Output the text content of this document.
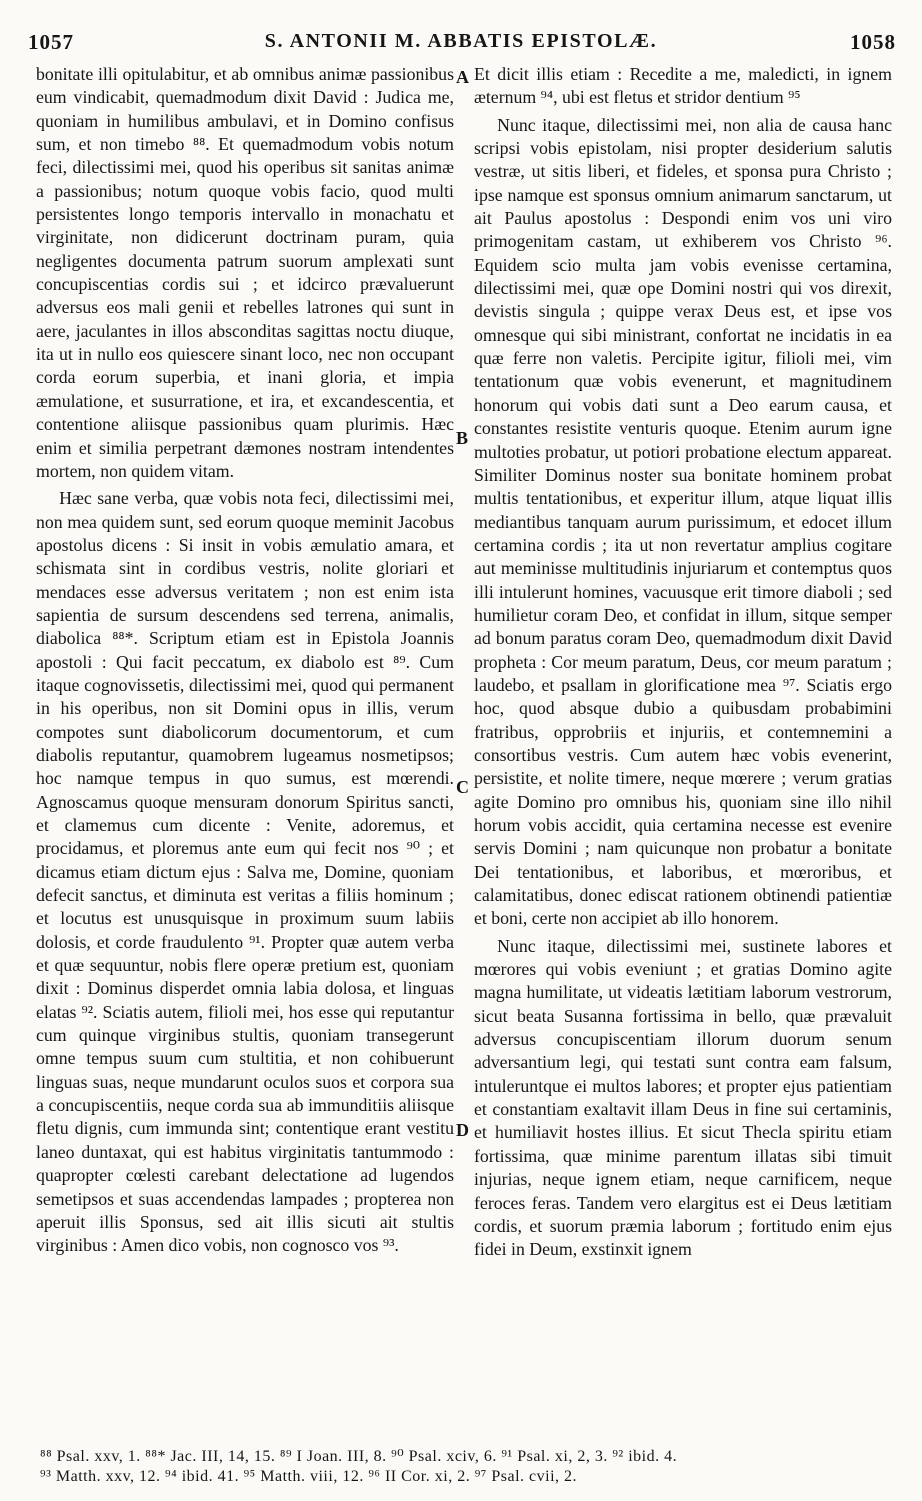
1057	S. ANTONII M. ABBATIS EPISTOLÆ.	1058

bonitate illi opitulabitur, et ab omnibus animæ passionibus eum vindicabit, quemadmodum dixit David : Judica me, quoniam in humilibus ambulavi, et in Domino confisus sum, et non timebo ⁸⁸. Et quemadmodum vobis notum feci, dilectissimi mei, quod his operibus sit sanitas animæ a passionibus; notum quoque vobis facio, quod multi persistentes longo temporis intervallo in monachatu et virginitate, non didicerunt doctrinam puram, quia negligentes documenta patrum suorum amplexati sunt concupiscentias cordis sui ; et idcirco prævaluerunt adversus eos mali genii et rebelles latrones qui sunt in aere, jaculantes in illos absconditas sagittas noctu diuque, ita ut in nullo eos quiescere sinant loco, nec non occupant corda eorum superbia, et inani gloria, et impia æmulatione, et susurratione, et ira, et excandescentia, et contentione aliisque passionibus quam plurimis. Hæc enim et similia perpetrant dæmones nostram intendentes mortem, non quidem vitam.

Hæc sane verba, quæ vobis nota feci, dilectissimi mei, non mea quidem sunt, sed eorum quoque meminit Jacobus apostolus dicens : Si insit in vobis æmulatio amara, et schismata sint in cordibus vestris, nolite gloriari et mendaces esse adversus veritatem ; non est enim ista sapientia de sursum descendens sed terrena, animalis, diabolica ⁸⁸*. Scriptum etiam est in Epistola Joannis apostoli : Qui facit peccatum, ex diabolo est ⁸⁹. Cum itaque cognovissetis, dilectissimi mei, quod qui permanent in his operibus, non sit Domini opus in illis, verum compotes sunt diabolicorum documentorum, et cum diabolis reputantur, quamobrem lugeamus nosmetipsos; hoc namque tempus in quo sumus, est mœrendi. Agnoscamus quoque mensuram donorum Spiritus sancti, et clamemus cum dicente : Venite, adoremus, et procidamus, et ploremus ante eum qui fecit nos ⁹⁰ ; et dicamus etiam dictum ejus : Salva me, Domine, quoniam defecit sanctus, et diminuta est veritas a filiis hominum ; et locutus est unusquisque in proximum suum labiis dolosis, et corde fraudulento ⁹¹. Propter quæ autem verba et quæ sequuntur, nobis flere operæ pretium est, quoniam dixit : Dominus disperdet omnia labia dolosa, et linguas elatas ⁹². Sciatis autem, filioli mei, hos esse qui reputantur cum quinque virginibus stultis, quoniam transegerunt omne tempus suum cum stultitia, et non cohibuerunt linguas suas, neque mundarunt oculos suos et corpora sua a concupiscentiis, neque corda sua ab immunditiis aliisque fletu dignis, cum immunda sint; contentique erant vestitu laneo duntaxat, qui est habitus virginitatis tantummodo : quapropter cœlesti carebant delectatione ad lugendos semetipsos et suas accendendas lampades ; propterea non aperuit illis Sponsus, sed ait illis sicuti ait stultis virginibus : Amen dico vobis, non cognosco vos ⁹³.

Et dicit illis etiam : Recedite a me, maledicti, in ignem æternum ⁹⁴, ubi est fletus et stridor dentium ⁹⁵

Nunc itaque, dilectissimi mei, non alia de causa hanc scripsi vobis epistolam, nisi propter desiderium salutis vestræ, ut sitis liberi, et fideles, et sponsa pura Christo ; ipse namque est sponsus omnium animarum sanctarum, ut ait Paulus apostolus : Despondi enim vos uni viro primogenitam castam, ut exhiberem vos Christo ⁹⁶. Equidem scio multa jam vobis evenisse certamina, dilectissimi mei, quæ ope Domini nostri qui vos direxit, devistis singula ; quippe verax Deus est, et ipse vos omnesque qui sibi ministrant, confortat ne incidatis in ea quæ ferre non valetis. Percipite igitur, filioli mei, vim tentationum quæ vobis evenerunt, et magnitudinem honorum qui vobis dati sunt a Deo earum causa, et constantes resistite venturis quoque. Etenim aurum igne multoties probatur, ut potiori probatione electum appareat. Similiter Dominus noster sua bonitate hominem probat multis tentationibus, et experitur illum, atque liquat illis mediantibus tanquam aurum purissimum, et edocet illum certamina cordis ; ita ut non revertatur amplius cogitare aut meminisse multitudinis injuriarum et contemptus quos illi intulerunt homines, vacuusque erit timore diaboli ; sed humilietur coram Deo, et confidat in illum, sitque semper ad bonum paratus coram Deo, quemadmodum dixit David propheta : Cor meum paratum, Deus, cor meum paratum ; laudebo, et psallam in glorificatione mea ⁹⁷. Sciatis ergo hoc, quod absque dubio a quibusdam probabimini fratribus, opprobriis et injuriis, et contemnemini a consortibus vestris. Cum autem hæc vobis evenerint, persistite, et nolite timere, neque mœrere ; verum gratias agite Domino pro omnibus his, quoniam sine illo nihil horum vobis accidit, quia certamina necesse est evenire servis Domini ; nam quicunque non probatur a bonitate Dei tentationibus, et laboribus, et mœroribus, et calamitatibus, donec ediscat rationem obtinendi patientiæ et boni, certe non accipiet ab illo honorem.

Nunc itaque, dilectissimi mei, sustinete labores et mœrores qui vobis eveniunt ; et gratias Domino agite magna humilitate, ut videatis lætitiam laborum vestrorum, sicut beata Susanna fortissima in bello, quæ prævaluit adversus concupiscentiam illorum duorum senum adversantium legi, qui testati sunt contra eam falsum, intuleruntque ei multos labores; et propter ejus patientiam et constantiam exaltavit illam Deus in fine sui certaminis, et humiliavit hostes illius. Et sicut Thecla spiritu etiam fortissima, quæ minime parentum illatas sibi timuit injurias, neque ignem etiam, neque carnificem, neque feroces feras. Tandem vero elargitus est ei Deus lætitiam cordis, et suorum præmia laborum ; fortitudo enim ejus fidei in Deum, exstinxit ignem

A
B
C
D
⁸⁸ Psal. xxv, 1. ⁸⁸* Jac. III, 14, 15. ⁸⁹ I Joan. III, 8. ⁹⁰ Psal. xciv, 6. ⁹¹ Psal. xi, 2, 3. ⁹² ibid. 4.
⁹³ Matth. xxv, 12. ⁹⁴ ibid. 41. ⁹⁵ Matth. viii, 12. ⁹⁶ II Cor. xi, 2. ⁹⁷ Psal. cvii, 2.
